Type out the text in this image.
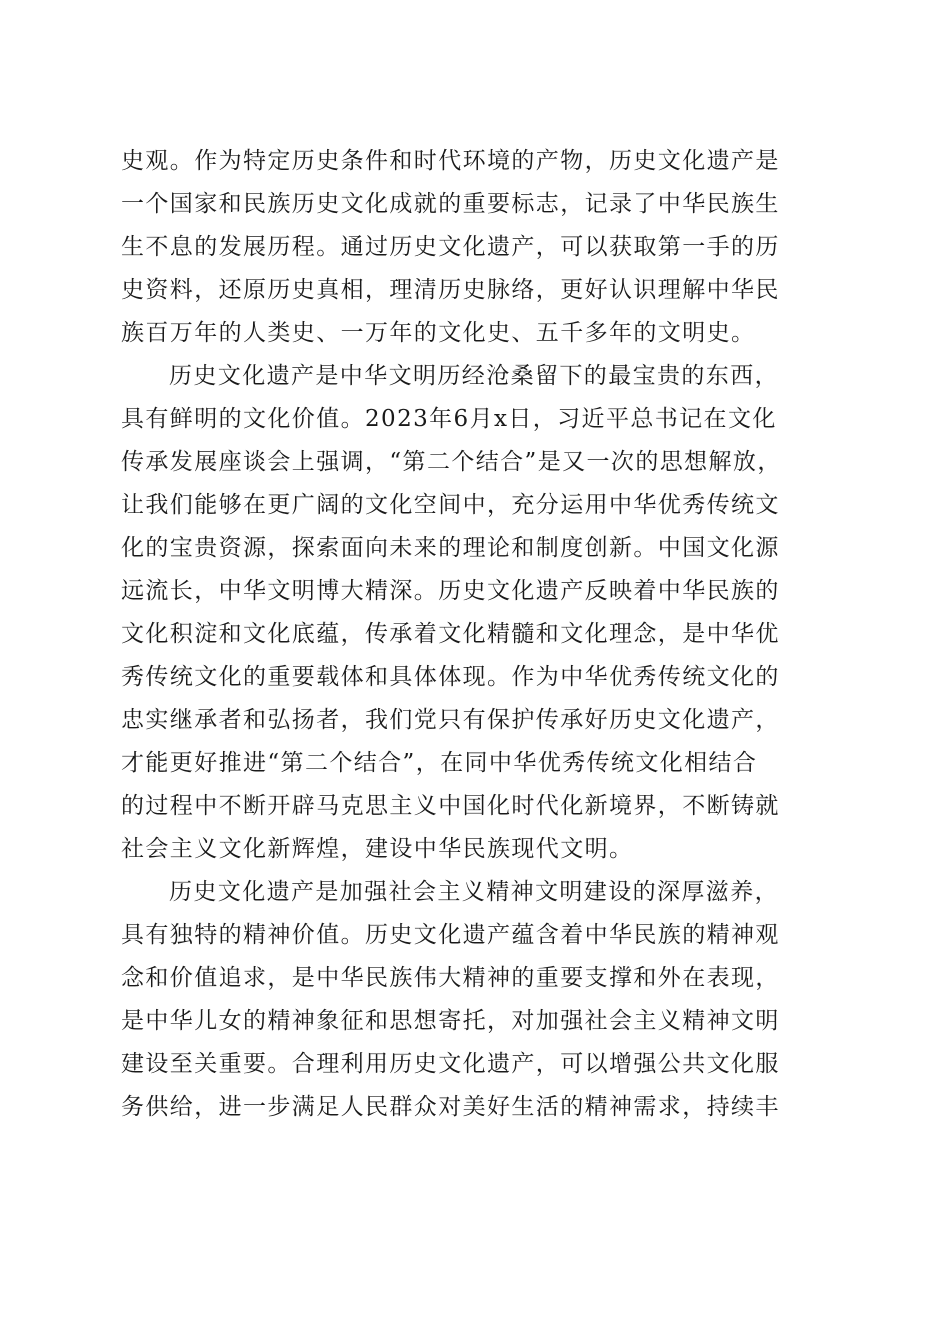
史观。作为特定历史条件和时代环境的产物，历史文化遗产是
一个国家和民族历史文化成就的重要标志，记录了中华民族生
生不息的发展历程。通过历史文化遗产，可以获取第一手的历
史资料，还原历史真相，理清历史脉络，更好认识理解中华民
族百万年的人类史、一万年的文化史、五千多年的文明史。
历史文化遗产是中华文明历经沧桑留下的最宝贵的东西，
具有鲜明的文化价值。2023年6月x日，习近平总书记在文化
传承发展座谈会上强调，“第二个结合”是又一次的思想解放，
让我们能够在更广阔的文化空间中，充分运用中华优秀传统文
化的宝贵资源，探索面向未来的理论和制度创新。中国文化源
远流长，中华文明博大精深。历史文化遗产反映着中华民族的
文化积淀和文化底蕴，传承着文化精髓和文化理念，是中华优
秀传统文化的重要载体和具体体现。作为中华优秀传统文化的
忠实继承者和弘扬者，我们党只有保护传承好历史文化遗产，
才能更好推进“第二个结合”，在同中华优秀传统文化相结合
的过程中不断开辟马克思主义中国化时代化新境界，不断铸就
社会主义文化新辉煌，建设中华民族现代文明。
历史文化遗产是加强社会主义精神文明建设的深厚滋养，
具有独特的精神价值。历史文化遗产蕴含着中华民族的精神观
念和价值追求，是中华民族伟大精神的重要支撑和外在表现，
是中华儿女的精神象征和思想寄托，对加强社会主义精神文明
建设至关重要。合理利用历史文化遗产，可以增强公共文化服
务供给，进一步满足人民群众对美好生活的精神需求，持续丰
